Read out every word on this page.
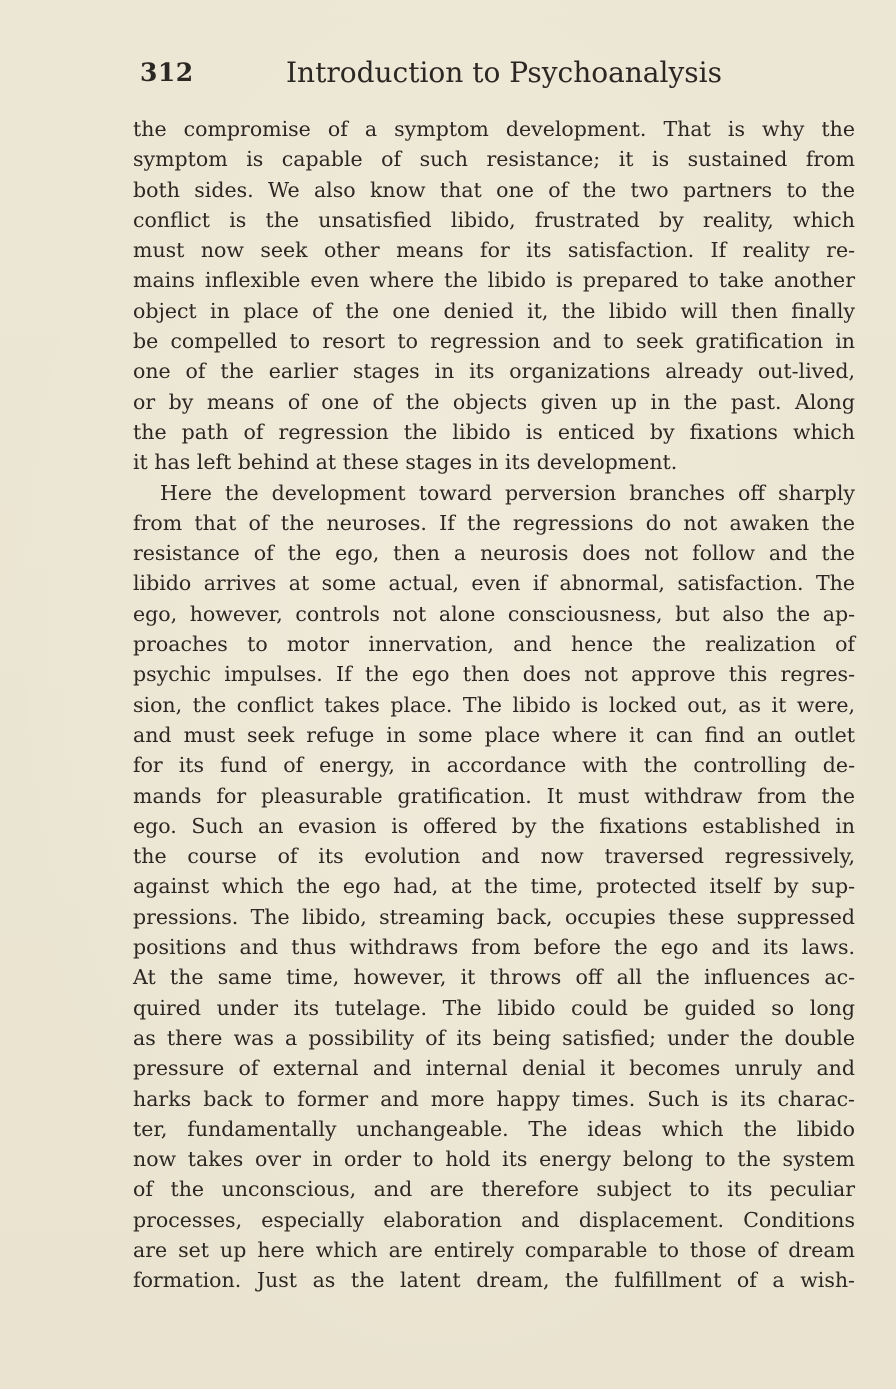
312	Introduction to Psychoanalysis
the compromise of a symptom development. That is why the
symptom is capable of such resistance; it is sustained from
both sides. We also know that one of the two partners to the
conflict is the unsatisfied libido, frustrated by reality, which
must now seek other means for its satisfaction. If reality re-
mains inflexible even where the libido is prepared to take another
object in place of the one denied it, the libido will then finally
be compelled to resort to regression and to seek gratification in
one of the earlier stages in its organizations already out-lived,
or by means of one of the objects given up in the past. Along
the path of regression the libido is enticed by fixations which
it has left behind at these stages in its development.
Here the development toward perversion branches off sharply
from that of the neuroses. If the regressions do not awaken the
resistance of the ego, then a neurosis does not follow and the
libido arrives at some actual, even if abnormal, satisfaction. The
ego, however, controls not alone consciousness, but also the ap-
proaches to motor innervation, and hence the realization of
psychic impulses. If the ego then does not approve this regres-
sion, the conflict takes place. The libido is locked out, as it were,
and must seek refuge in some place where it can find an outlet
for its fund of energy, in accordance with the controlling de-
mands for pleasurable gratification. It must withdraw from the
ego. Such an evasion is offered by the fixations established in
the course of its evolution and now traversed regressively,
against which the ego had, at the time, protected itself by sup-
pressions. The libido, streaming back, occupies these suppressed
positions and thus withdraws from before the ego and its laws.
At the same time, however, it throws off all the influences ac-
quired under its tutelage. The libido could be guided so long
as there was a possibility of its being satisfied; under the double
pressure of external and internal denial it becomes unruly and
harks back to former and more happy times. Such is its charac-
ter, fundamentally unchangeable. The ideas which the libido
now takes over in order to hold its energy belong to the system
of the unconscious, and are therefore subject to its peculiar
processes, especially elaboration and displacement. Conditions
are set up here which are entirely comparable to those of dream
formation. Just as the latent dream, the fulfillment of a wish-
